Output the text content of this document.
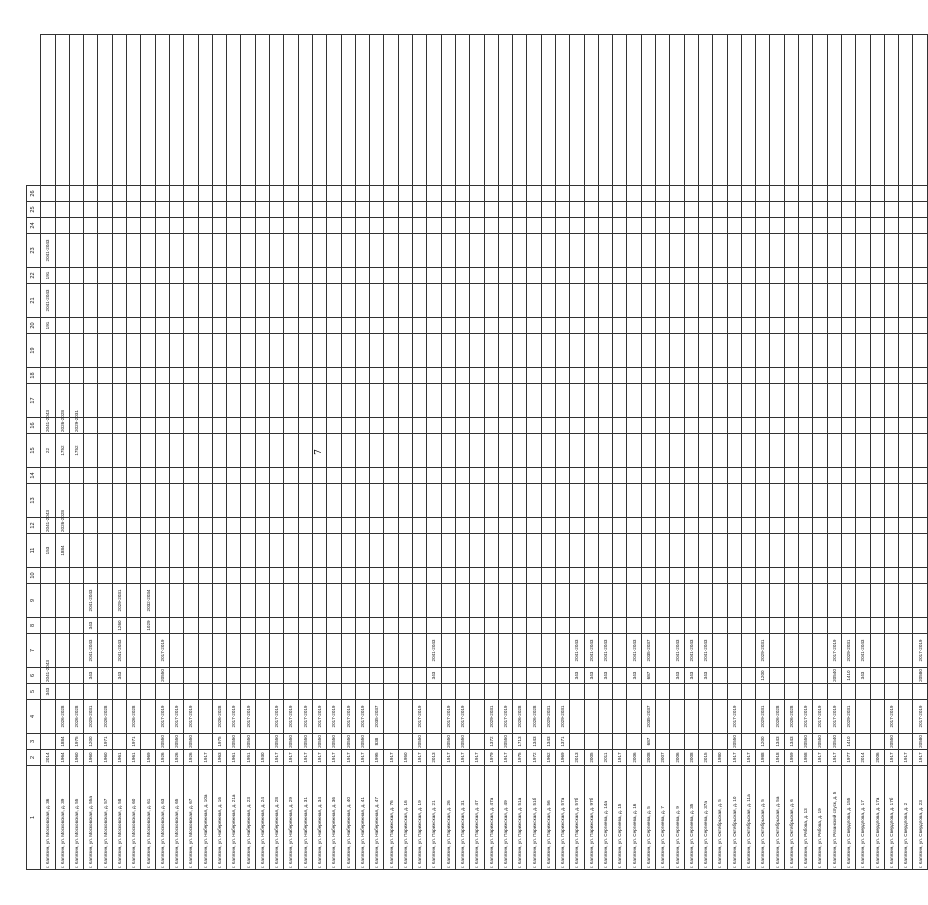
7
1	2	3	4	5	6	7	8	9	10	11	12	13	14	15	16	17	18	19	20	21	22	23	24	25	26	
г. Калязин, ул. Московская, д. 36	2014			343	2041-2043					153	2041-2043			22	2041-2043				191	2041-2043	191	2041-2043				
г. Калязин, ул. Московская, д. 39	1964	1884	2026-2028							1884	2026-2028			1752	2026-2028											
г. Калязин, ул. Московская, д. 55	1960	1975	2026-2028											1752	2029-2031											
г. Калязин, ул. Московская, д. 55а	1960	1200	2029-2031		343	2041-2043	343	2041-2043																		
г. Калязин, ул. Московская, д. 57	1960	1971	2026-2028																							
г. Калязин, ул. Московская, д. 58	1961				343	2041-2043	1260	2029-2031																		
г. Калязин, ул. Московская, д. 60	1961	1971	2026-2028																							
г. Калязин, ул. Московская, д. 61	1969						1029	2032-2034																		
г. Калязин, ул. Московская, д. 63	1926	20550	2017-2019		20550	2017-2019																				
г. Калязин, ул. Московская, д. 65	1926	20550	2017-2019																							
г. Калязин, ул. Московская, д. 67	1926	20550	2017-2019																							
г. Калязин, ул. Набережная, д. 10а	1917																									
г. Калязин, ул. Набережная, д. 16	1963	1975	2026-2028																							
г. Калязин, ул. Набережная, д. 21а	1961	20550	2017-2019																							
г. Калязин, ул. Набережная, д. 23	1951	20550	2017-2019																							
г. Калязин, ул. Набережная, д. 24	1930																									
г. Калязин, ул. Набережная, д. 28	1917	20550	2017-2019																							
г. Калязин, ул. Набережная, д. 29	1917	20550	2017-2019																							
г. Калязин, ул. Набережная, д. 31	1917	20550	2017-2019																							
г. Калязин, ул. Набережная, д. 34	1917	20550	2017-2019																							
г. Калязин, ул. Набережная, д. 36	1917	20550	2017-2019																							
г. Калязин, ул. Набережная, д. 40	1917	20550	2017-2019																							
г. Калязин, ул. Набережная, д. 41	1917	20550	2017-2019																							
г. Калязин, ул. Набережная, д. 47	1995	838	2035-2037																							
г. Калязин, ул. Парижская, д. 76	1917																									
г. Калязин, ул. Парижская, д. 16	1950																									
г. Калязин, ул. Парижская, д. 19	1917	20550	2017-2019																							
г. Калязин, ул. Парижская, д. 21	2013				343	2041-2043																				
г. Калязин, ул. Парижская, д. 26	1917	20550	2017-2019																							
г. Калязин, ул. Парижская, д. 31	1917	20550	2017-2019																							
г. Калязин, ул. Парижская, д. 47	1917																									
г. Калязин, ул. Парижская, д. 47а	1979	1372	2029-2031																							
г. Калязин, ул. Парижская, д. 49	1917	20550	2017-2019																							
г. Калязин, ул. Парижская, д. 51а	1975	1713	2026-2028																							
г. Калязин, ул. Парижская, д. 51б	1972	1343	2026-2028																							
г. Калязин, ул. Парижская, д. 56	1962	1343	2029-2031																							
г. Калязин, ул. Парижская, д. 57а	1969	1371	2029-2031																							
г. Калязин, ул. Парижская, д. 57б	2013				343	2041-2043																				
г. Калязин, ул. Парижская, д. 97б	2005				343	2041-2043																				
г. Калязин, ул. Сергиева, д. 14а	2011				343	2041-2043																				
г. Калязин, ул. Сергиева, д. 15	1917																									
г. Калязин, ул. Сергиева, д. 16	2006				343	2041-2043																				
г. Калязин, ул. Сергиева, д. 5	2008	687	2035-2037		687	2035-2037																				
г. Калязин, ул. Сергиева, д. 7	2007																									
г. Калязин, ул. Сергиева, д. 9	2006				343	2041-2043																				
г. Калязин, ул. Сергиева, д. 35	2008				343	2041-2043																				
г. Калязин, ул. Сергиева, д. 37а	2015				343	2041-2043																				
г. Калязин, ул. Октябрьская, д. 5	1980																									
г. Калязин, ул. Октябрьская, д. 10	1917	20550	2017-2019																							
г. Калязин, ул. Октябрьская, д. 11а	1917																									
г. Калязин, ул. Октябрьская, д. 5	1988	1200	2029-2031		1200	2029-2031																				
г. Калязин, ул. Октябрьская, д. 5а	1918	1343	2026-2028																							
г. Калязин, ул. Октябрьская, д. 6	1959	1343	2026-2028																							
г. Калязин, ул. Рябова, д. 13	1958	20550	2017-2019																							
г. Калязин, ул. Рябова, д. 19	1917	20550	2017-2019																							
г. Калязин, ул. Рязанский спуск, д. 5	1917	20540	2017-2019		20540	2017-2019																				
г. Калязин, ул. Свердлова, д. 155	1977	1410	2029-2031		1410	2029-2031																				
г. Калязин, ул. Свердлова, д. 17	2014				343	2041-2043																				
г. Калязин, ул. Свердлова, д. 17а	2006																									
г. Калязин, ул. Свердлова, д. 17б	1917	20550	2017-2019																							
г. Калязин, ул. Свердлова, д. 2	1917																									
г. Калязин, ул. Свердлова, д. 23	1917	20580	2017-2019		20580	2017-2019																				
